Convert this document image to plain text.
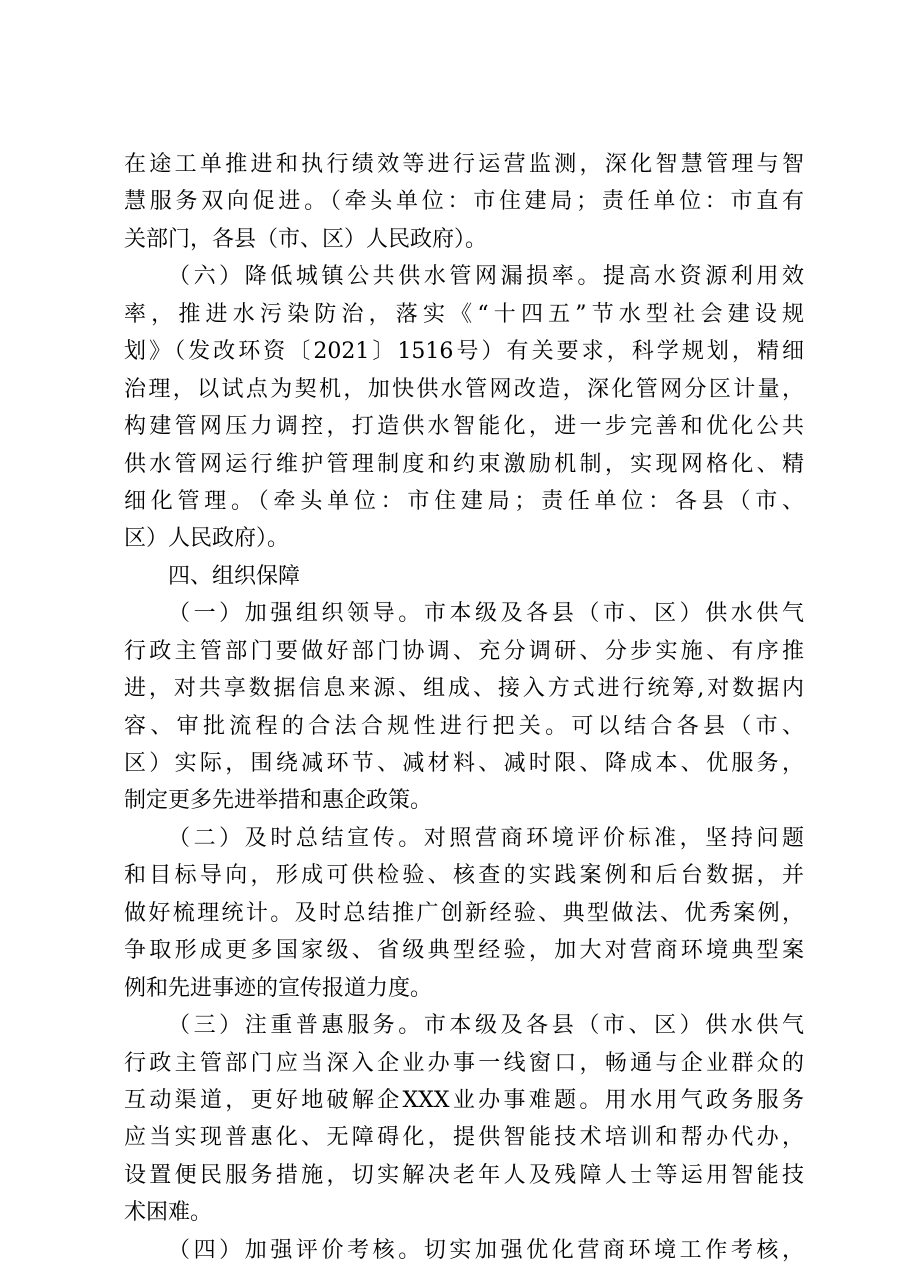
在途工单推进和执行绩效等进行运营监测，深化智慧管理与智
慧服务双向促进。（牵头单位：市住建局；责任单位：市直有
关部门，各县（市、区）人民政府）。
（六）降低城镇公共供水管网漏损率。提高水资源利用效
率，推进水污染防治，落实《“十四五”节水型社会建设规
划》（发改环资〔2021〕1516号）有关要求，科学规划，精细
治理，以试点为契机，加快供水管网改造，深化管网分区计量，
构建管网压力调控，打造供水智能化，进一步完善和优化公共
供水管网运行维护管理制度和约束激励机制，实现网格化、精
细化管理。（牵头单位：市住建局；责任单位：各县（市、
区）人民政府）。
四、组织保障
（一）加强组织领导。市本级及各县（市、区）供水供气
行政主管部门要做好部门协调、充分调研、分步实施、有序推
进，对共享数据信息来源、组成、接入方式进行统筹,对数据内
容、审批流程的合法合规性进行把关。可以结合各县（市、
区）实际，围绕减环节、减材料、减时限、降成本、优服务，
制定更多先进举措和惠企政策。
（二）及时总结宣传。对照营商环境评价标准，坚持问题
和目标导向，形成可供检验、核查的实践案例和后台数据，并
做好梳理统计。及时总结推广创新经验、典型做法、优秀案例，
争取形成更多国家级、省级典型经验，加大对营商环境典型案
例和先进事迹的宣传报道力度。
（三）注重普惠服务。市本级及各县（市、区）供水供气
行政主管部门应当深入企业办事一线窗口，畅通与企业群众的
互动渠道，更好地破解企XXX业办事难题。用水用气政务服务
应当实现普惠化、无障碍化，提供智能技术培训和帮办代办，
设置便民服务措施，切实解决老年人及残障人士等运用智能技
术困难。
（四）加强评价考核。切实加强优化营商环境工作考核，
